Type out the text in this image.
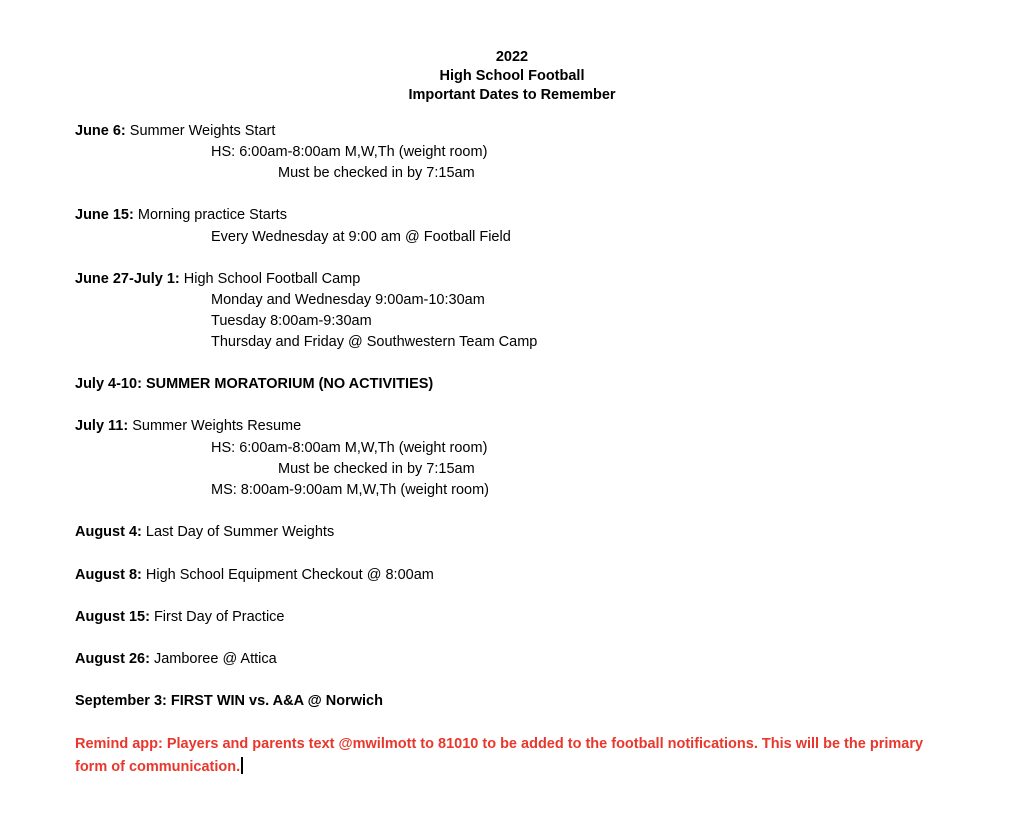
2022
High School Football
Important Dates to Remember
June 6: Summer Weights Start
HS: 6:00am-8:00am M,W,Th (weight room)
Must be checked in by 7:15am
June 15: Morning practice Starts
Every Wednesday at 9:00 am @ Football Field
June 27-July 1: High School Football Camp
Monday and Wednesday 9:00am-10:30am
Tuesday 8:00am-9:30am
Thursday and Friday @ Southwestern Team Camp
July 4-10: SUMMER MORATORIUM (NO ACTIVITIES)
July 11: Summer Weights Resume
HS: 6:00am-8:00am M,W,Th (weight room)
Must be checked in by 7:15am
MS: 8:00am-9:00am M,W,Th (weight room)
August 4: Last Day of Summer Weights
August 8: High School Equipment Checkout @ 8:00am
August 15: First Day of Practice
August 26: Jamboree @ Attica
September 3: FIRST WIN vs. A&A @ Norwich
Remind app: Players and parents text @mwilmott to 81010 to be added to the football notifications. This will be the primary
form of communication.
